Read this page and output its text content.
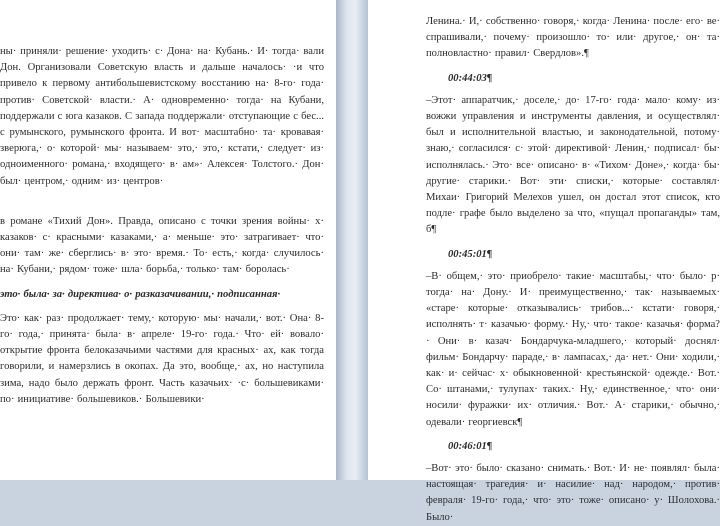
ны· приняли· решение· уходить· с· Дона· на· Кубань.· И· тогда· вали Дон. Организовали Советскую власть и дальше началось· ·и что привело к первому антибольшевистскому восстанию на· 8-го· года· против· Советской· власти.· А· одновременно· тогда· на Кубани, поддержали с юга казаков. С запада поддержали· отступающие с бес... с румынского, румынского фронта. И вот· масштабно· та· кровавая· зверюга,· о· которой· мы· называем· это,· это,· кстати,· следует· из· одноименного· романа,· входящего· в· ам»· Алексея· Толстого.· Дон· был· центром,· одним· из· центров·

в романе «Тихий Дон». Правда, описано с точки зрения войны· х· казаков· с· красными· казаками,· а· меньше· это· затрагивает· что· они· там· же· сберглись· в· это· время.· То· есть,· когда· случилось· на· Кубани,· рядом· тоже· шла· борьба,· только· там· боролась·

это· была· за· директива· о· разказачивании,· подписанная·

Это· как· раз· продолжает· тему,· которую· мы· начали,· вот.· Она· 8-го· года,· принята· была· в· апреле· 19-го· года.· Что· ей· вовало· открытие фронта белоказачьими частями для красных· ах, как тогда говорили, и намерзлись в окопах. Да это, вообще,· ах, но наступила зима, надо было держать фронт. Часть казачьих· ·с· большевиками· по· инициативе· большевиков.· Большевики·

Ленина.· И,· собственно· говоря,· когда· Ленина· после· его· ве· спрашивали,· почему· произошло· то· или· другое,· он· та· полновластно· правил· Свердлов».¶

00:44:03¶

–Этот· аппаратчик,· доселе,· до· 17-го· года· мало· кому· из· вожжи управления и инструменты давления, и осуществлял· был и исполнительной властью, и законодательной, потому· знаю,· согласился· с· этой· директивой· Ленин,· подписал· бы· исполнялась.· Это· все· описано· в· «Тихом· Доне»,· когда· бы· другие· старики.· Вот· эти· списки,· которые· составлял· Михаи· Григорий Мелехов ушел, он достал этот список, кто подле· графе было выделено за что, «пущал пропаганды» там, б¶

00:45:01¶

–В· общем,· это· приобрело· такие· масштабы,· что· было· р· тогда· на· Дону.· И· преимущественно,· так· называемых· «старе· которые· отказывались· трибов...· кстати· говоря,· исполнять· т· казачью· форму.· Ну,· что· такое· казачья· форма?· Они· в· казач· Бондарчука-младшего,· который· доснял· фильм· Бондарчу· параде,· в· лампасах,· да· нет.· Они· ходили,· как· и· сейчас· х· обыкновенной· крестьянской· одежде.· Вот.· Со· штанами,· тулупах· таких.· Ну,· единственное,· что· они· носили· фуражки· их· отличия.· Вот.· А· старики,· обычно,· одевали· георгиевск¶

00:46:01¶

–Вот· это· было· сказано· снимать.· Вот.· И· не· появлял· была· настоящая· трагедия· и· насилие· над· народом,· против· февраля· 19-го· года,· что· это· тоже· описано· у· Шолохова.· Было·
